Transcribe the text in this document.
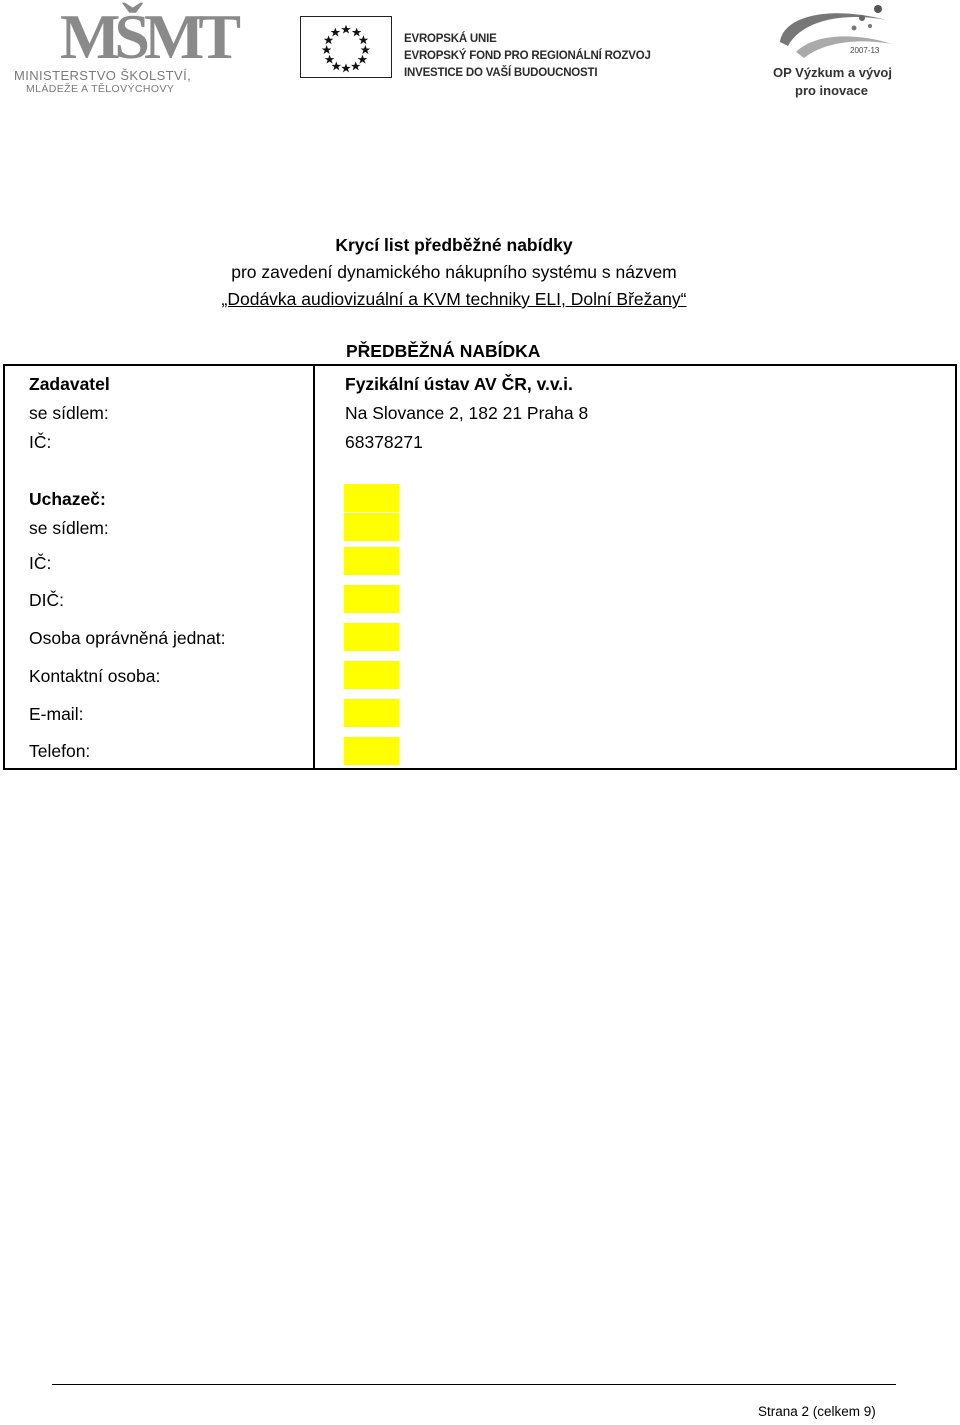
MŠMT
MINISTERSTVO ŠKOLSTVÍ,
MLÁDEŽE A TĚLOVÝCHOVY
EVROPSKÁ UNIE
EVROPSKÝ FOND PRO REGIONÁLNÍ ROZVOJ
INVESTICE DO VAŠÍ BUDOUCNOSTI
2007-13
OP Výzkum a vývoj
pro inovace
Krycí list předběžné nabídky
pro zavedení dynamického nákupního systému s názvem
„Dodávka audiovizuální a KVM techniky ELI, Dolní Břežany“
PŘEDBĚŽNÁ NABÍDKA
Zadavatel	Fyzikální ústav AV ČR, v.v.i.
se sídlem:	Na Slovance 2, 182 21 Praha 8
IČ:	68378271
Uchazeč:
se sídlem:
IČ:
DIČ:
Osoba oprávněná jednat:
Kontaktní osoba:
E-mail:
Telefon:
Strana 2 (celkem 9)
